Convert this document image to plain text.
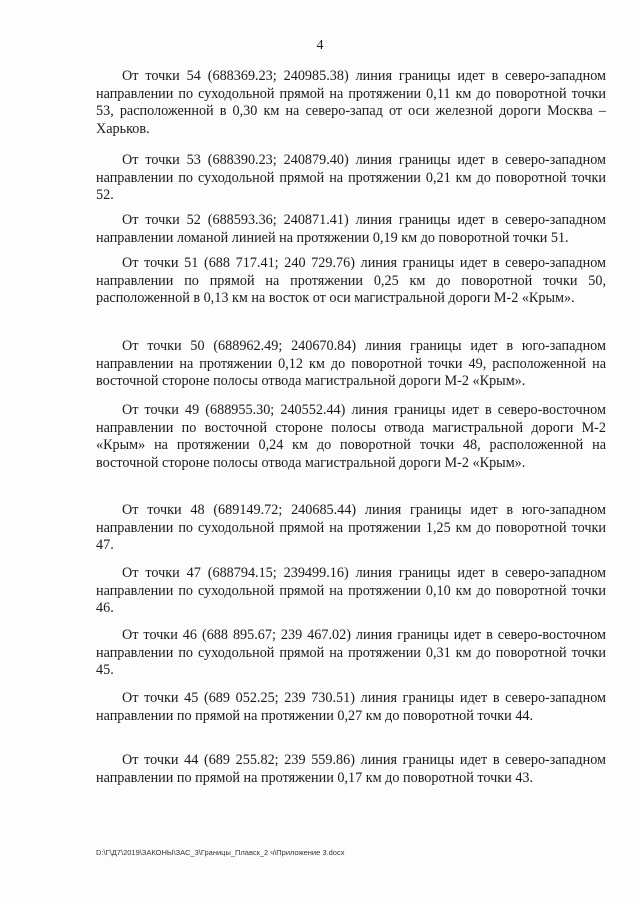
4

От точки 54 (688369.23; 240985.38) линия границы идет в северо-западном направлении по суходольной прямой на протяжении 0,11 км до поворотной точки 53, расположенной в 0,30 км на северо-запад от оси железной дороги Москва – Харьков.

От точки 53 (688390.23; 240879.40) линия границы идет в северо-западном направлении по суходольной прямой на протяжении 0,21 км до поворотной точки 52.

От точки 52 (688593.36; 240871.41) линия границы идет в северо-западном направлении ломаной линией на протяжении 0,19 км до поворотной точки 51.

От точки 51 (688 717.41; 240 729.76) линия границы идет в северо-западном направлении по прямой на протяжении 0,25 км до поворотной точки 50, расположенной в 0,13 км на восток от оси магистральной дороги М-2 «Крым».

От точки 50 (688962.49; 240670.84) линия границы идет в юго-западном направлении на протяжении 0,12 км до поворотной точки 49, расположенной на восточной стороне полосы отвода магистральной дороги М-2 «Крым».

От точки 49 (688955.30; 240552.44) линия границы идет в северо-восточном направлении по восточной стороне полосы отвода магистральной дороги М-2 «Крым» на протяжении 0,24 км до поворотной точки 48, расположенной на восточной стороне полосы отвода магистральной дороги М-2 «Крым».

От точки 48 (689149.72; 240685.44) линия границы идет в юго-западном направлении по суходольной прямой на протяжении 1,25 км до поворотной точки 47.

От точки 47 (688794.15; 239499.16) линия границы идет в северо-западном направлении по суходольной прямой на протяжении 0,10 км до поворотной точки 46.

От точки 46 (688 895.67; 239 467.02) линия границы идет в северо-восточном направлении по суходольной прямой на протяжении 0,31 км до поворотной точки 45.

От точки 45 (689 052.25; 239 730.51) линия границы идет в северо-западном направлении по прямой на протяжении 0,27 км до поворотной точки 44.

От точки 44 (689 255.82; 239 559.86) линия границы идет в северо-западном направлении по прямой на протяжении 0,17 км до поворотной точки 43.

D:\Г\Д7\2019\ЗАКОНЫ\ЗАС_3\Границы_Плавск_2 ч\Приложение 3.docx
